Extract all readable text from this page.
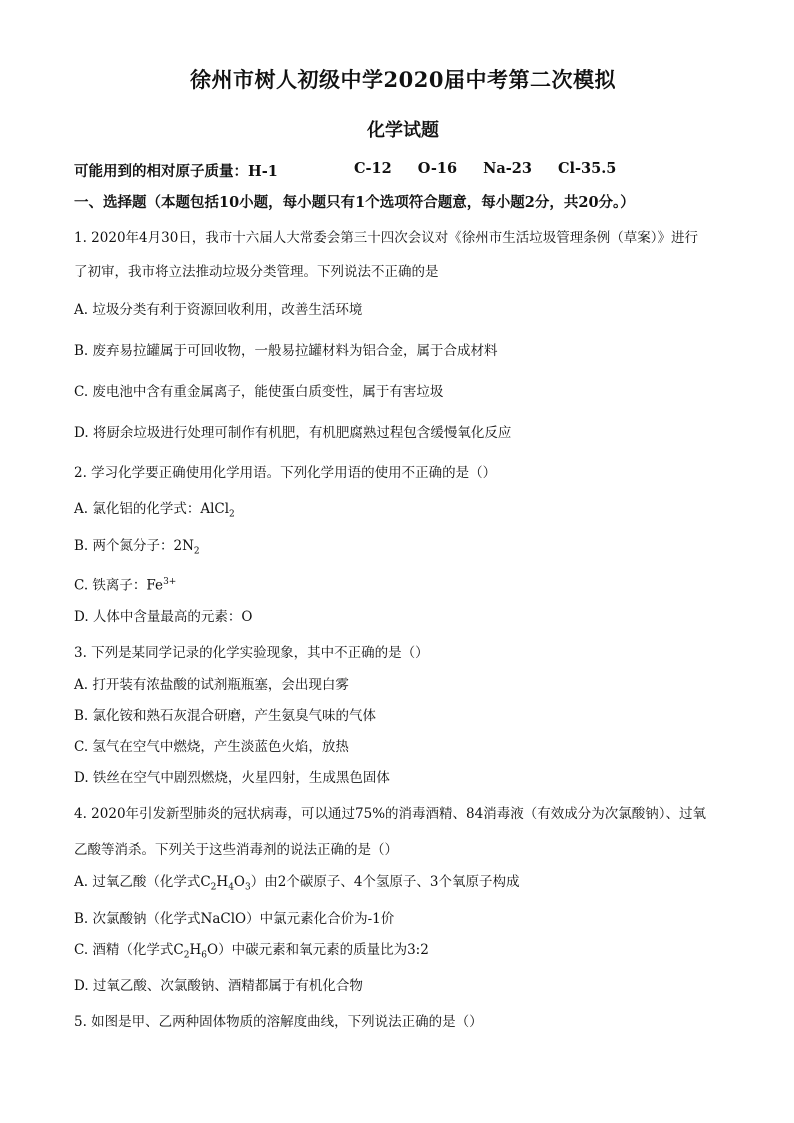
徐州市树人初级中学2020届中考第二次模拟
化学试题
可能用到的相对原子质量：H-1	C-12 O-16 Na-23 Cl-35.5
一、选择题（本题包括10小题，每小题只有1个选项符合题意，每小题2分，共20分。）
1. 2020年4月30日，我市十六届人大常委会第三十四次会议对《徐州市生活垃圾管理条例（草案）》进行
了初审，我市将立法推动垃圾分类管理。下列说法不正确的是
A. 垃圾分类有利于资源回收利用，改善生活环境
B. 废弃易拉罐属于可回收物，一般易拉罐材料为铝合金，属于合成材料
C. 废电池中含有重金属离子，能使蛋白质变性，属于有害垃圾
D. 将厨余垃圾进行处理可制作有机肥，有机肥腐熟过程包含缓慢氧化反应
2. 学习化学要正确使用化学用语。下列化学用语的使用不正确的是（）
A. 氯化铝的化学式：AlCl$_2$
B. 两个氮分子：$2N_2$
C. 铁离子：$Fe^{3+}$
D. 人体中含量最高的元素：O
3. 下列是某同学记录的化学实验现象，其中不正确的是（）
A. 打开装有浓盐酸的试剂瓶瓶塞，会出现白雾
B. 氯化铵和熟石灰混合研磨，产生氨臭气味的气体
C. 氢气在空气中燃烧，产生淡蓝色火焰，放热
D. 铁丝在空气中剧烈燃烧，火星四射，生成黑色固体
4. 2020年引发新型肺炎的冠状病毒，可以通过75%的消毒酒精、84消毒液（有效成分为次氯酸钠）、过氧
乙酸等消杀。下列关于这些消毒剂的说法正确的是（）
A. 过氧乙酸（化学式$C_2H_4O_3$）由2个碳原子、4个氢原子、3个氧原子构成
B. 次氯酸钠（化学式NaClO）中氯元素化合价为-1价
C. 酒精（化学式$C_2H_6O$）中碳元素和氧元素的质量比为3:2
D. 过氧乙酸、次氯酸钠、酒精都属于有机化合物
5. 如图是甲、乙两种固体物质的溶解度曲线，下列说法正确的是（）
